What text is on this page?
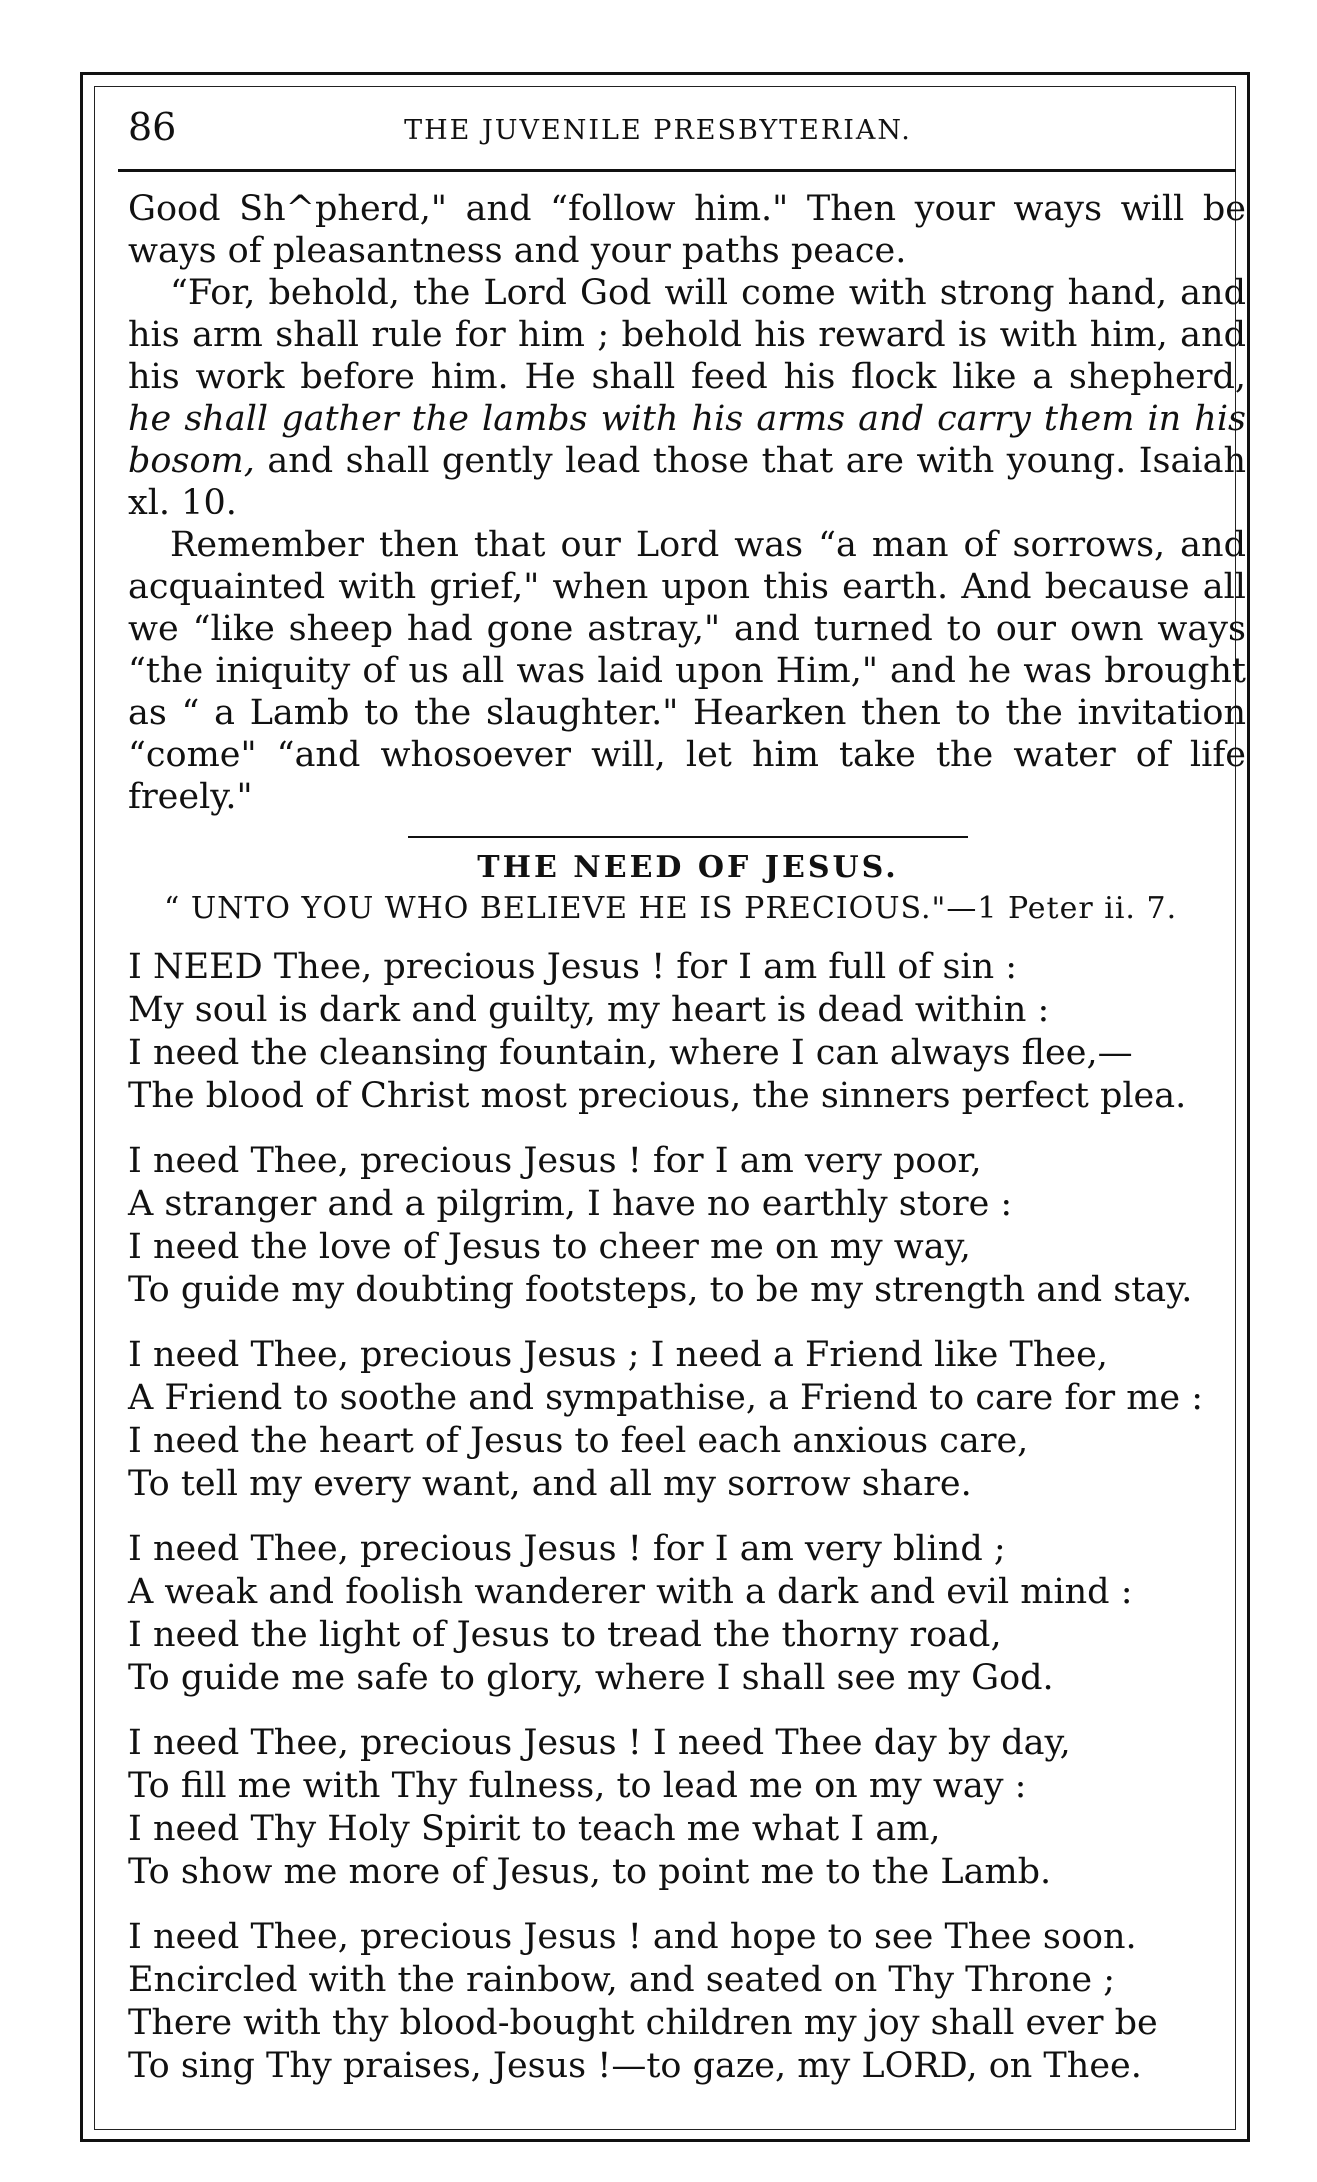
86	THE JUVENILE PRESBYTERIAN.

Good Sh^pherd," and “follow him." Then your ways will be ways of pleasantness and your paths peace.

“For, behold, the Lord God will come with strong hand, and his arm shall rule for him ; behold his reward is with him, and his work before him. He shall feed his flock like a shepherd, he shall gather the lambs with his arms and carry them in his bosom, and shall gently lead those that are with young. Isaiah xl. 10.

Remember then that our Lord was “a man of sorrows, and acquainted with grief," when upon this earth. And because all we “like sheep had gone astray," and turned to our own ways “the iniquity of us all was laid upon Him," and he was brought as “ a Lamb to the slaughter." Hearken then to the invitation “come" “and whosoever will, let him take the water of life freely."

THE NEED OF JESUS.
“ UNTO YOU WHO BELIEVE HE IS PRECIOUS."—1 Peter ii. 7.
I NEED Thee, precious Jesus ! for I am full of sin :
My soul is dark and guilty, my heart is dead within :
I need the cleansing fountain, where I can always flee,—
The blood of Christ most precious, the sinners perfect plea.
I need Thee, precious Jesus ! for I am very poor,
A stranger and a pilgrim, I have no earthly store :
I need the love of Jesus to cheer me on my way,
To guide my doubting footsteps, to be my strength and stay.
I need Thee, precious Jesus ; I need a Friend like Thee,
A Friend to soothe and sympathise, a Friend to care for me :
I need the heart of Jesus to feel each anxious care,
To tell my every want, and all my sorrow share.
I need Thee, precious Jesus ! for I am very blind ;
A weak and foolish wanderer with a dark and evil mind :
I need the light of Jesus to tread the thorny road,
To guide me safe to glory, where I shall see my God.
I need Thee, precious Jesus ! I need Thee day by day,
To fill me with Thy fulness, to lead me on my way :
I need Thy Holy Spirit to teach me what I am,
To show me more of Jesus, to point me to the Lamb.
I need Thee, precious Jesus ! and hope to see Thee soon.
Encircled with the rainbow, and seated on Thy Throne ;
There with thy blood-bought children my joy shall ever be
To sing Thy praises, Jesus !—to gaze, my LORD, on Thee.
